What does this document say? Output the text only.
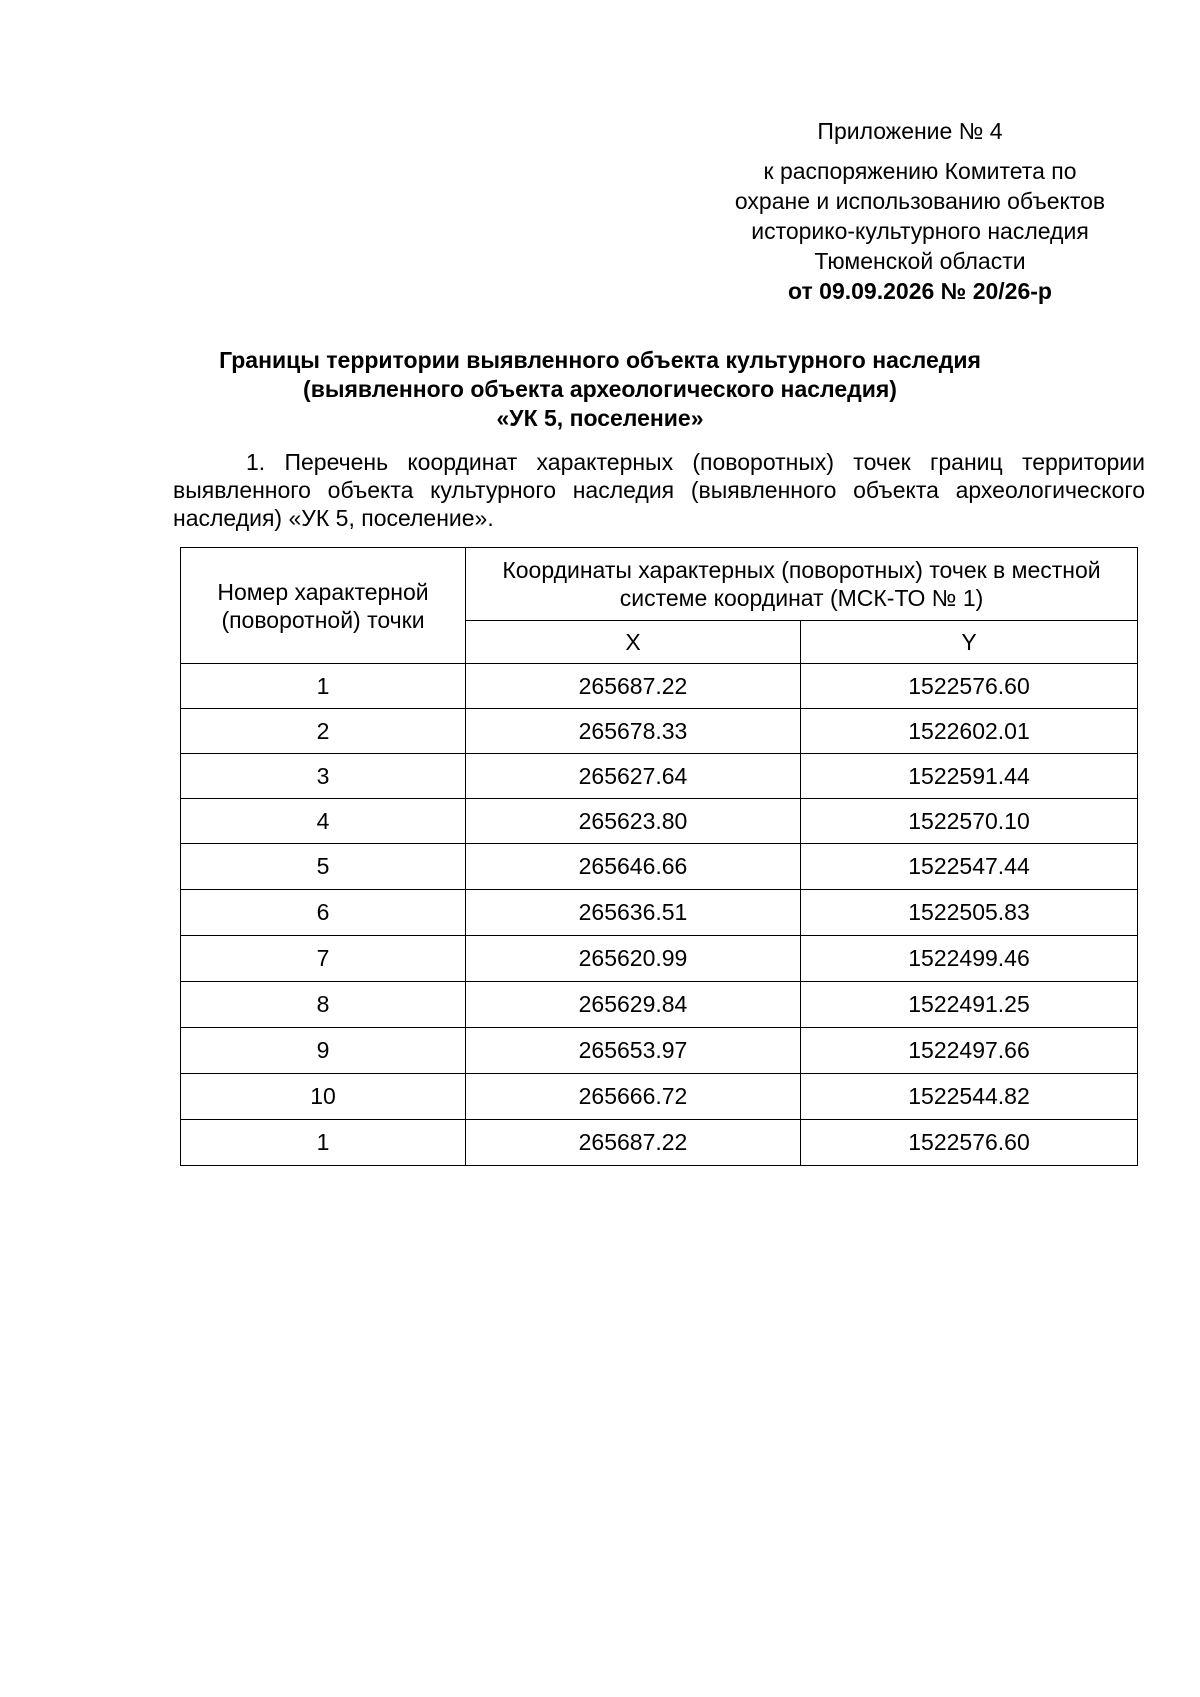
Приложение № 4
к распоряжению Комитета по
охране и использованию объектов
историко-культурного наследия
Тюменской области
от 09.09.2026 № 20/26-р
Границы территории выявленного объекта культурного наследия
(выявленного объекта археологического наследия)
«УК 5, поселение»
1. Перечень координат характерных (поворотных) точек границ территории выявленного объекта культурного наследия (выявленного объекта археологического наследия) «УК 5, поселение».
Номер характерной (поворотной) точки	Координаты характерных (поворотных) точек в местной системе координат (МСК-ТО № 1)	
	X	Y
1	265687.22	1522576.60
2	265678.33	1522602.01
3	265627.64	1522591.44
4	265623.80	1522570.10
5	265646.66	1522547.44
6	265636.51	1522505.83
7	265620.99	1522499.46
8	265629.84	1522491.25
9	265653.97	1522497.66
10	265666.72	1522544.82
1	265687.22	1522576.60
